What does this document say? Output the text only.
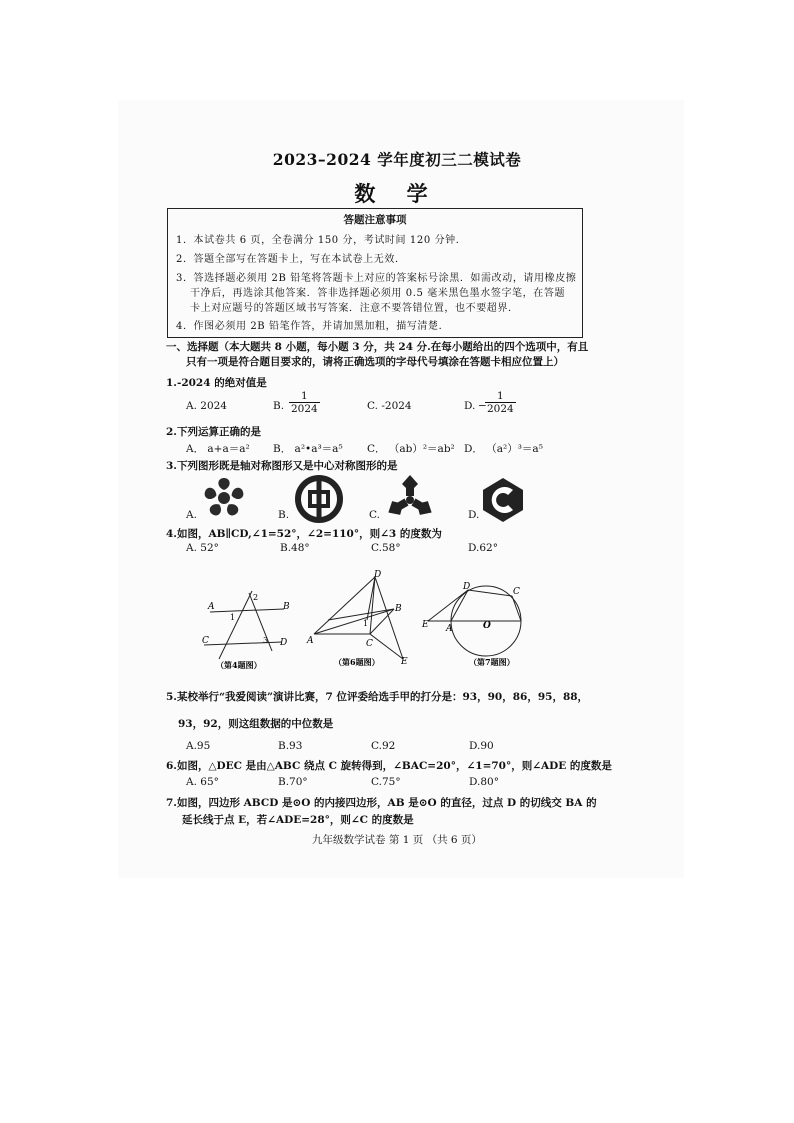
2023–2024 学年度初三二模试卷
数 学
答题注意事项
1．本试卷共 6 页，全卷满分 150 分，考试时间 120 分钟．
2．答题全部写在答题卡上，写在本试卷上无效．
3．答选择题必须用 2B 铅笔将答题卡上对应的答案标号涂黑．如需改动，请用橡皮擦
干净后，再选涂其他答案．答非选择题必须用 0.5 毫米黑色墨水签字笔，在答题
卡上对应题号的答题区域书写答案．注意不要答错位置，也不要超界．
4．作图必须用 2B 铅笔作答，并请加黑加粗，描写清楚．
一、选择题（本大题共 8 小题，每小题 3 分，共 24 分.在每小题给出的四个选项中，有且
只有一项是符合题目要求的，请将正确选项的字母代号填涂在答题卡相应位置上）
1.-2024 的绝对值是
A. 2024	B. $\frac{1}{2024}$	C. -2024	D. −
$\frac{1}{2024}$
2.下列运算正确的是
A． a+a＝a² B． a²•a³＝a⁵ C． （ab）²＝ab² D． （a²）³＝a⁵
3.下列图形既是轴对称图形又是中心对称图形的是
A.	B.	C.	D.
4.如图，AB∥CD,∠1=52°，∠2=110°，则∠3 的度数为
A. 52°	B.48°	C.58°	D.62°
A	B
C	D
1
2
3
（第4题图）
A
B
C
D
E
1
（第6题图）
E A	O
D	C
（第7题图）
5.某校举行“我爱阅读”演讲比赛，7 位评委给选手甲的打分是：93，90，86，95，88，
93，92，则这组数据的中位数是
A.95	B.93	C.92	D.90
6.如图，△DEC 是由△ABC 绕点 C 旋转得到，∠BAC=20°，∠1=70°，则∠ADE 的度数是
A. 65°	B.70°	C.75°	D.80°
7.如图，四边形 ABCD 是⊙O 的内接四边形，AB 是⊙O 的直径，过点 D 的切线交 BA 的
延长线于点 E，若∠ADE=28°，则∠C 的度数是
九年级数学试卷 第 1 页 （共 6 页）
